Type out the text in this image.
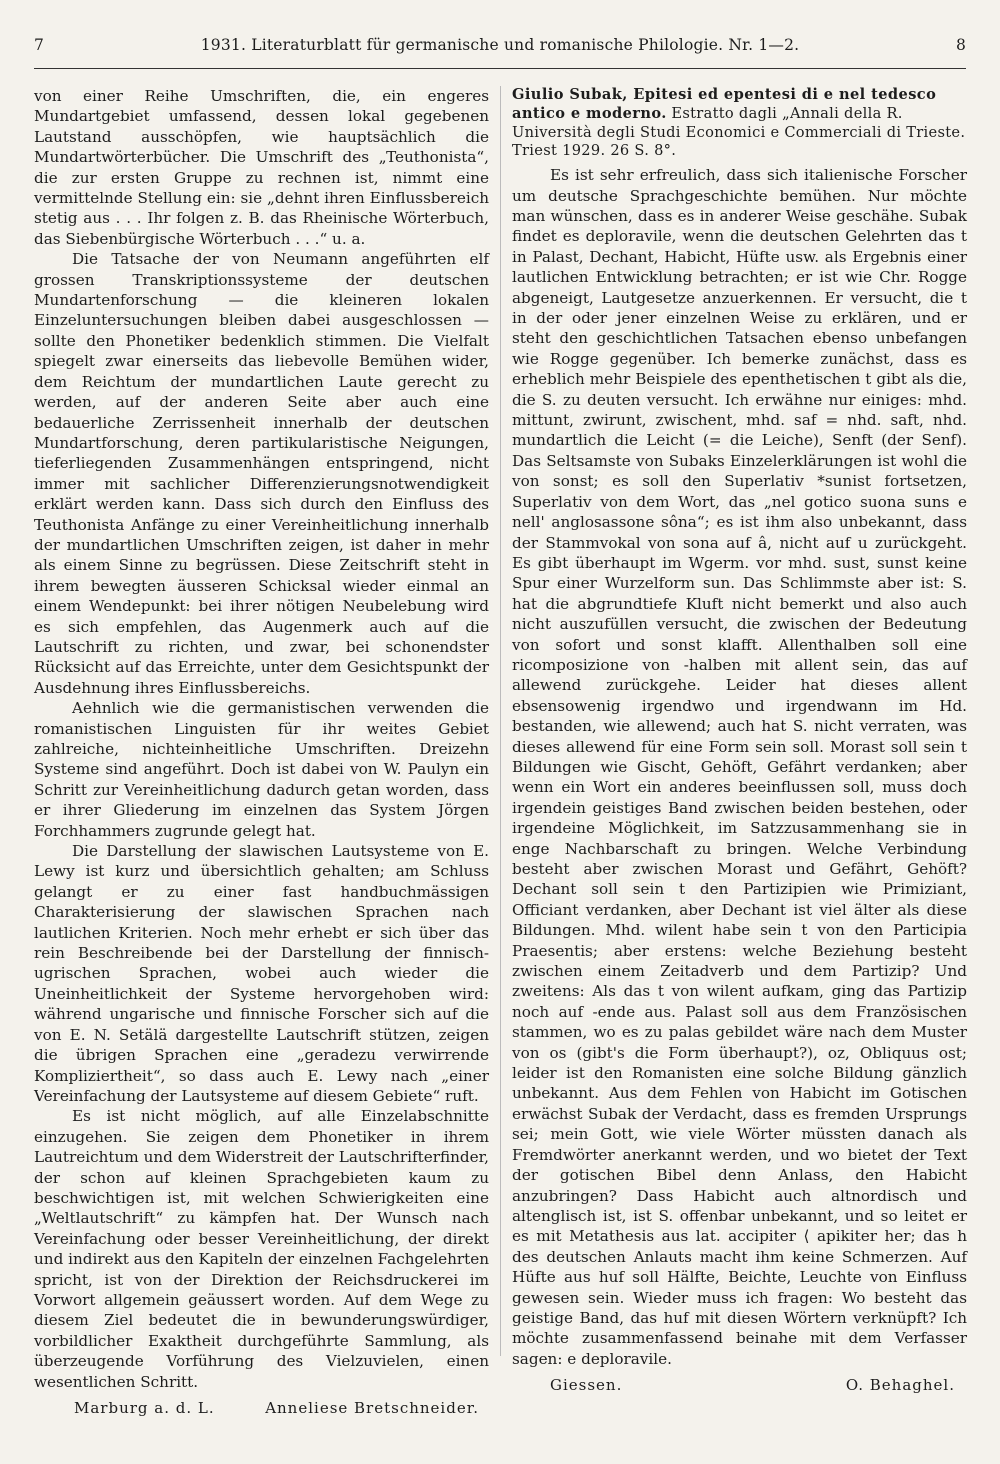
7	1931. Literaturblatt für germanische und romanische Philologie. Nr. 1—2.	8

von einer Reihe Umschriften, die, ein engeres Mundartgebiet umfassend, dessen lokal gegebenen Lautstand ausschöpfen, wie hauptsächlich die Mundartwörterbücher. Die Umschrift des „Teuthonista“, die zur ersten Gruppe zu rechnen ist, nimmt eine vermittelnde Stellung ein: sie „dehnt ihren Einflussbereich stetig aus . . . Ihr folgen z. B. das Rheinische Wörterbuch, das Siebenbürgische Wörterbuch . . .“ u. a.

Die Tatsache der von Neumann angeführten elf grossen Transkriptionssysteme der deutschen Mundartenforschung — die kleineren lokalen Einzeluntersuchungen bleiben dabei ausgeschlossen — sollte den Phonetiker bedenklich stimmen. Die Vielfalt spiegelt zwar einerseits das liebevolle Bemühen wider, dem Reichtum der mundartlichen Laute gerecht zu werden, auf der anderen Seite aber auch eine bedauerliche Zerrissenheit innerhalb der deutschen Mundartforschung, deren partikularistische Neigungen, tieferliegenden Zusammenhängen entspringend, nicht immer mit sachlicher Differenzierungsnotwendigkeit erklärt werden kann. Dass sich durch den Einfluss des Teuthonista Anfänge zu einer Vereinheitlichung innerhalb der mundartlichen Umschriften zeigen, ist daher in mehr als einem Sinne zu begrüssen. Diese Zeitschrift steht in ihrem bewegten äusseren Schicksal wieder einmal an einem Wendepunkt: bei ihrer nötigen Neubelebung wird es sich empfehlen, das Augenmerk auch auf die Lautschrift zu richten, und zwar, bei schonendster Rücksicht auf das Erreichte, unter dem Gesichtspunkt der Ausdehnung ihres Einflussbereichs.

Aehnlich wie die germanistischen verwenden die romanistischen Linguisten für ihr weites Gebiet zahlreiche, nichteinheitliche Umschriften. Dreizehn Systeme sind angeführt. Doch ist dabei von W. Paulyn ein Schritt zur Vereinheitlichung dadurch getan worden, dass er ihrer Gliederung im einzelnen das System Jörgen Forchhammers zugrunde gelegt hat.

Die Darstellung der slawischen Lautsysteme von E. Lewy ist kurz und übersichtlich gehalten; am Schluss gelangt er zu einer fast handbuchmässigen Charakterisierung der slawischen Sprachen nach lautlichen Kriterien. Noch mehr erhebt er sich über das rein Beschreibende bei der Darstellung der finnisch-ugrischen Sprachen, wobei auch wieder die Uneinheitlichkeit der Systeme hervorgehoben wird: während ungarische und finnische Forscher sich auf die von E. N. Setälä dargestellte Lautschrift stützen, zeigen die übrigen Sprachen eine „geradezu verwirrende Kompliziertheit“, so dass auch E. Lewy nach „einer Vereinfachung der Lautsysteme auf diesem Gebiete“ ruft.

Es ist nicht möglich, auf alle Einzelabschnitte einzugehen. Sie zeigen dem Phonetiker in ihrem Lautreichtum und dem Widerstreit der Lautschrifterfinder, der schon auf kleinen Sprachgebieten kaum zu beschwichtigen ist, mit welchen Schwierigkeiten eine „Weltlautschrift“ zu kämpfen hat. Der Wunsch nach Vereinfachung oder besser Vereinheitlichung, der direkt und indirekt aus den Kapiteln der einzelnen Fachgelehrten spricht, ist von der Direktion der Reichsdruckerei im Vorwort allgemein geäussert worden. Auf dem Wege zu diesem Ziel bedeutet die in bewunderungswürdiger, vorbildlicher Exaktheit durchgeführte Sammlung, als überzeugende Vorführung des Vielzuvielen, einen wesentlichen Schritt.

Marburg a. d. L.	Anneliese Bretschneider.
Giulio Subak, Epitesi ed epentesi di e nel tedesco antico e moderno. Estratto dagli „Annali della R. Università degli Studi Economici e Commerciali di Trieste. Triest 1929. 26 S. 8°.

Es ist sehr erfreulich, dass sich italienische Forscher um deutsche Sprachgeschichte bemühen. Nur möchte man wünschen, dass es in anderer Weise geschähe. Subak findet es deploravile, wenn die deutschen Gelehrten das t in Palast, Dechant, Habicht, Hüfte usw. als Ergebnis einer lautlichen Entwicklung betrachten; er ist wie Chr. Rogge abgeneigt, Lautgesetze anzuerkennen. Er versucht, die t in der oder jener einzelnen Weise zu erklären, und er steht den geschichtlichen Tatsachen ebenso unbefangen wie Rogge gegenüber. Ich bemerke zunächst, dass es erheblich mehr Beispiele des epenthetischen t gibt als die, die S. zu deuten versucht. Ich erwähne nur einiges: mhd. mittunt, zwirunt, zwischent, mhd. saf = nhd. saft, nhd. mundartlich die Leicht (= die Leiche), Senft (der Senf). Das Seltsamste von Subaks Einzelerklärungen ist wohl die von sonst; es soll den Superlativ *sunist fortsetzen, Superlativ von dem Wort, das „nel gotico suona suns e nell' anglosassone sôna“; es ist ihm also unbekannt, dass der Stammvokal von sona auf â, nicht auf u zurückgeht. Es gibt überhaupt im Wgerm. vor mhd. sust, sunst keine Spur einer Wurzelform sun. Das Schlimmste aber ist: S. hat die abgrundtiefe Kluft nicht bemerkt und also auch nicht auszufüllen versucht, die zwischen der Bedeutung von sofort und sonst klafft. Allenthalben soll eine ricomposizione von -halben mit allent sein, das auf allewend zurückgehe. Leider hat dieses allent ebsensowenig irgendwo und irgendwann im Hd. bestanden, wie allewend; auch hat S. nicht verraten, was dieses allewend für eine Form sein soll. Morast soll sein t Bildungen wie Gischt, Gehöft, Gefährt verdanken; aber wenn ein Wort ein anderes beeinflussen soll, muss doch irgendein geistiges Band zwischen beiden bestehen, oder irgendeine Möglichkeit, im Satzzusammenhang sie in enge Nachbarschaft zu bringen. Welche Verbindung besteht aber zwischen Morast und Gefährt, Gehöft? Dechant soll sein t den Partizipien wie Primiziant, Officiant verdanken, aber Dechant ist viel älter als diese Bildungen. Mhd. wilent habe sein t von den Participia Praesentis; aber erstens: welche Beziehung besteht zwischen einem Zeitadverb und dem Partizip? Und zweitens: Als das t von wilent aufkam, ging das Partizip noch auf -ende aus. Palast soll aus dem Französischen stammen, wo es zu palas gebildet wäre nach dem Muster von os (gibt's die Form überhaupt?), oz, Obliquus ost; leider ist den Romanisten eine solche Bildung gänzlich unbekannt. Aus dem Fehlen von Habicht im Gotischen erwächst Subak der Verdacht, dass es fremden Ursprungs sei; mein Gott, wie viele Wörter müssten danach als Fremdwörter anerkannt werden, und wo bietet der Text der gotischen Bibel denn Anlass, den Habicht anzubringen? Dass Habicht auch altnordisch und altenglisch ist, ist S. offenbar unbekannt, und so leitet er es mit Metathesis aus lat. accipiter ⟨ apikiter her; das h des deutschen Anlauts macht ihm keine Schmerzen. Auf Hüfte aus huf soll Hälfte, Beichte, Leuchte von Einfluss gewesen sein. Wieder muss ich fragen: Wo besteht das geistige Band, das huf mit diesen Wörtern verknüpft? Ich möchte zusammenfassend beinahe mit dem Verfasser sagen: e deploravile.

Giessen.	O. Behaghel.
